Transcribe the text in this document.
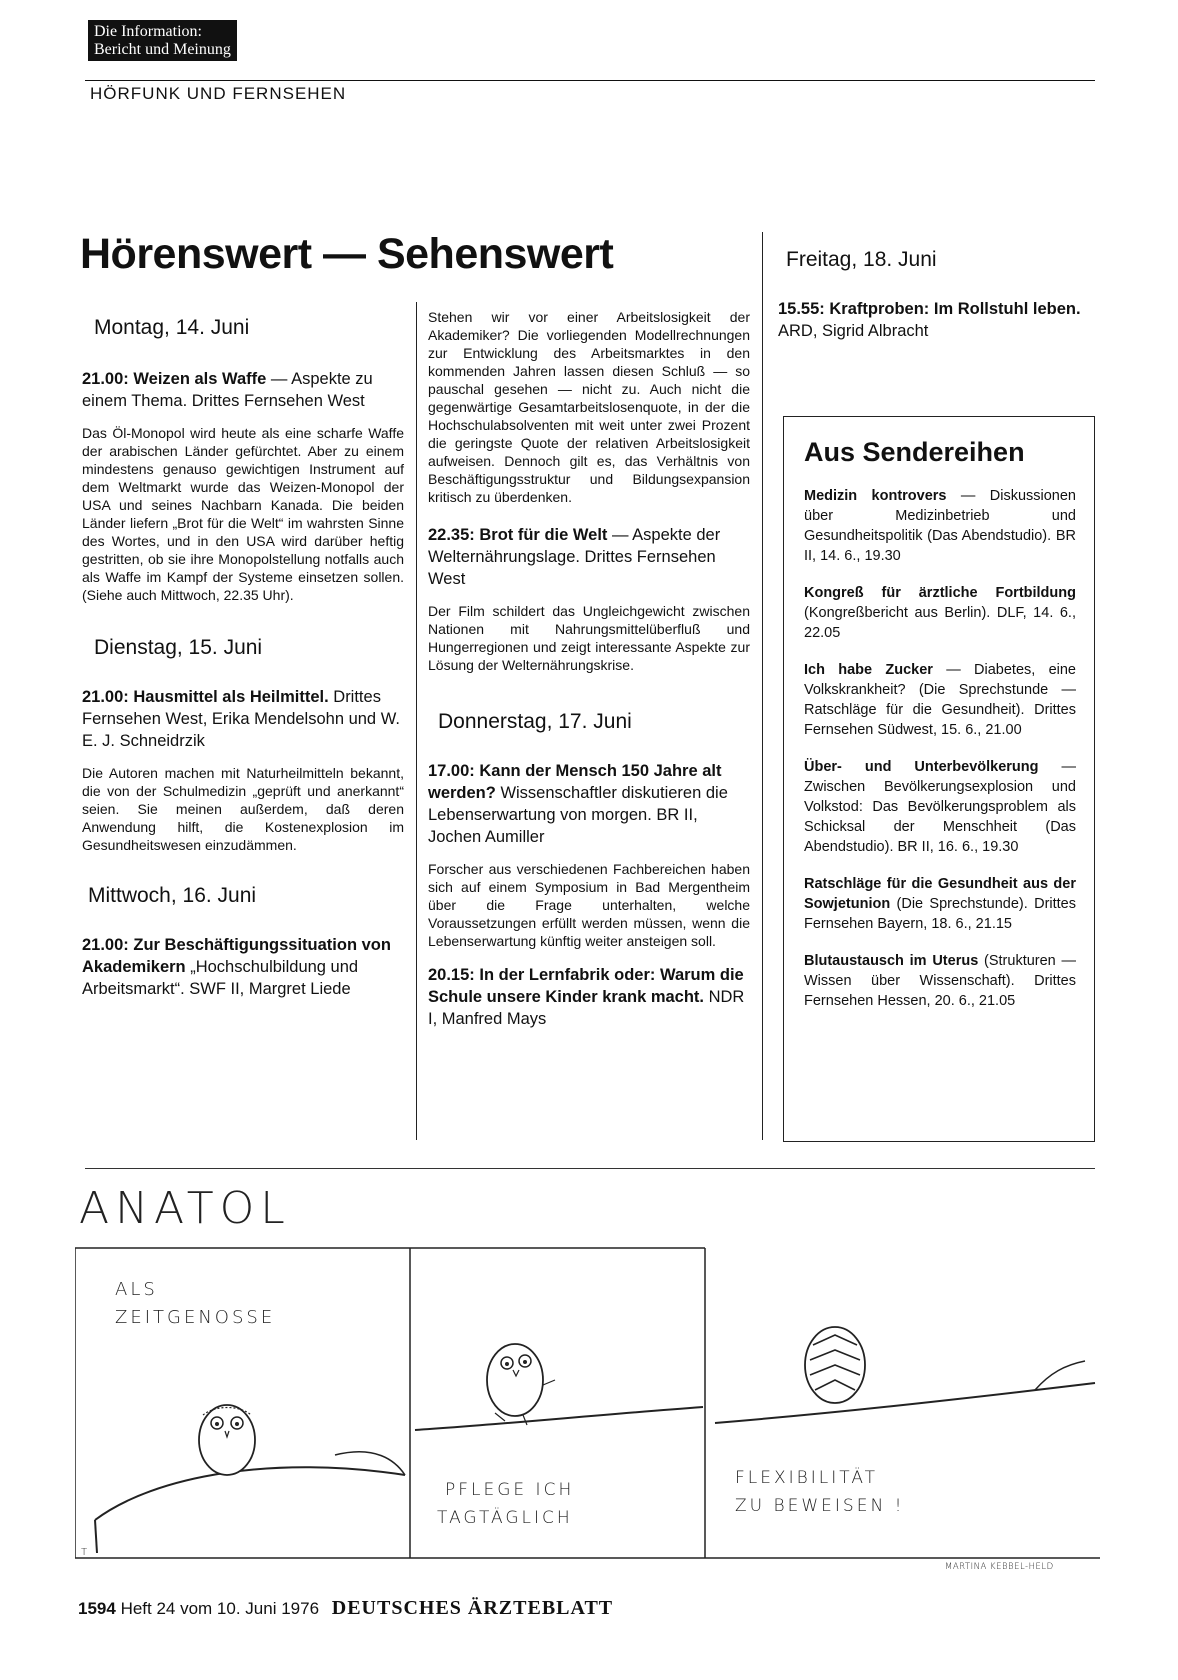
Die Information:
Bericht und Meinung
HÖRFUNK UND FERNSEHEN
Hörenswert — Sehenswert

Montag, 14. Juni

21.00: Weizen als Waffe — Aspekte zu einem Thema. Drittes Fernsehen West

Das Öl-Monopol wird heute als eine scharfe Waffe der arabischen Länder gefürchtet. Aber zu einem mindestens genauso gewichtigen Instrument auf dem Weltmarkt wurde das Weizen-Monopol der USA und seines Nachbarn Kanada. Die beiden Länder liefern „Brot für die Welt“ im wahrsten Sinne des Wortes, und in den USA wird darüber heftig gestritten, ob sie ihre Monopolstellung notfalls auch als Waffe im Kampf der Systeme einsetzen sollen. (Siehe auch Mittwoch, 22.35 Uhr).

Dienstag, 15. Juni

21.00: Hausmittel als Heilmittel. Drittes Fernsehen West, Erika Mendelsohn und W. E. J. Schneidrzik

Die Autoren machen mit Naturheilmitteln bekannt, die von der Schulmedizin „geprüft und anerkannt“ seien. Sie meinen außerdem, daß deren Anwendung hilft, die Kostenexplosion im Gesundheitswesen einzudämmen.

Mittwoch, 16. Juni

21.00: Zur Beschäftigungssituation von Akademikern „Hochschulbildung und Arbeitsmarkt“. SWF II, Margret Liede

Stehen wir vor einer Arbeitslosigkeit der Akademiker? Die vorliegenden Modellrechnungen zur Entwicklung des Arbeitsmarktes in den kommenden Jahren lassen diesen Schluß — so pauschal gesehen — nicht zu. Auch nicht die gegenwärtige Gesamtarbeitslosenquote, in der die Hochschulabsolventen mit weit unter zwei Prozent die geringste Quote der relativen Arbeitslosigkeit aufweisen. Dennoch gilt es, das Verhältnis von Beschäftigungsstruktur und Bildungsexpansion kritisch zu überdenken.

22.35: Brot für die Welt — Aspekte der Welternährungslage. Drittes Fernsehen West

Der Film schildert das Ungleichgewicht zwischen Nationen mit Nahrungsmittelüberfluß und Hungerregionen und zeigt interessante Aspekte zur Lösung der Welternährungskrise.

Donnerstag, 17. Juni

17.00: Kann der Mensch 150 Jahre alt werden? Wissenschaftler diskutieren die Lebenserwartung von morgen. BR II, Jochen Aumiller

Forscher aus verschiedenen Fachbereichen haben sich auf einem Symposium in Bad Mergentheim über die Frage unterhalten, welche Voraussetzungen erfüllt werden müssen, wenn die Lebenserwartung künftig weiter ansteigen soll.

20.15: In der Lernfabrik oder: Warum die Schule unsere Kinder krank macht. NDR I, Manfred Mays

Freitag, 18. Juni

15.55: Kraftproben: Im Rollstuhl leben. ARD, Sigrid Albracht

Aus Sendereihen

Medizin kontrovers — Diskussionen über Medizinbetrieb und Gesundheitspolitik (Das Abendstudio). BR II, 14. 6., 19.30

Kongreß für ärztliche Fortbildung (Kongreßbericht aus Berlin). DLF, 14. 6., 22.05

Ich habe Zucker — Diabetes, eine Volkskrankheit? (Die Sprechstunde — Ratschläge für die Gesundheit). Drittes Fernsehen Südwest, 15. 6., 21.00

Über- und Unterbevölkerung — Zwischen Bevölkerungsexplosion und Volkstod: Das Bevölkerungsproblem als Schicksal der Menschheit (Das Abendstudio). BR II, 16. 6., 19.30

Ratschläge für die Gesundheit aus der Sowjetunion (Die Sprechstunde). Drittes Fernsehen Bayern, 18. 6., 21.15

Blutaustausch im Uterus (Strukturen — Wissen über Wissenschaft). Drittes Fernsehen Hessen, 20. 6., 21.05

ANATOL
ALS
ZEITGENOSSE
T
PFLEGE ICH
TAGTÄGLICH
FLEXIBILITÄT
ZU BEWEISEN !
MARTINA KEBBEL-HELD
1594 Heft 24 vom 10. Juni 1976 DEUTSCHES ÄRZTEBLATT
